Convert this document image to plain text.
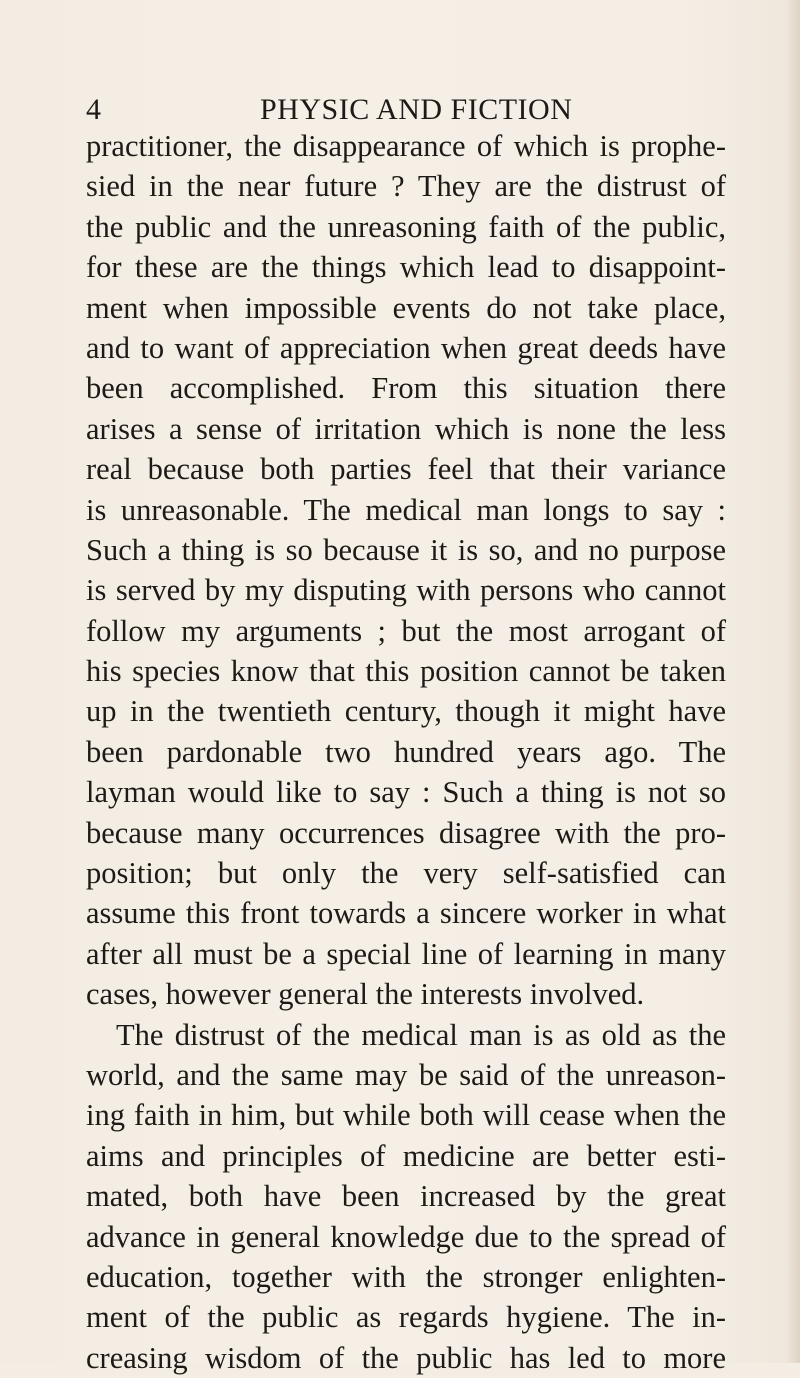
4	PHYSIC AND FICTION
practitioner, the disappearance of which is prophe-
sied in the near future ? They are the distrust of
the public and the unreasoning faith of the public,
for these are the things which lead to disappoint-
ment when impossible events do not take place,
and to want of appreciation when great deeds have
been accomplished. From this situation there
arises a sense of irritation which is none the less
real because both parties feel that their variance
is unreasonable. The medical man longs to say :
Such a thing is so because it is so, and no purpose
is served by my disputing with persons who cannot
follow my arguments ; but the most arrogant of
his species know that this position cannot be taken
up in the twentieth century, though it might have
been pardonable two hundred years ago. The
layman would like to say : Such a thing is not so
because many occurrences disagree with the pro-
position; but only the very self-satisfied can
assume this front towards a sincere worker in what
after all must be a special line of learning in many
cases, however general the interests involved.
The distrust of the medical man is as old as the
world, and the same may be said of the unreason-
ing faith in him, but while both will cease when the
aims and principles of medicine are better esti-
mated, both have been increased by the great
advance in general knowledge due to the spread of
education, together with the stronger enlighten-
ment of the public as regards hygiene. The in-
creasing wisdom of the public has led to more
